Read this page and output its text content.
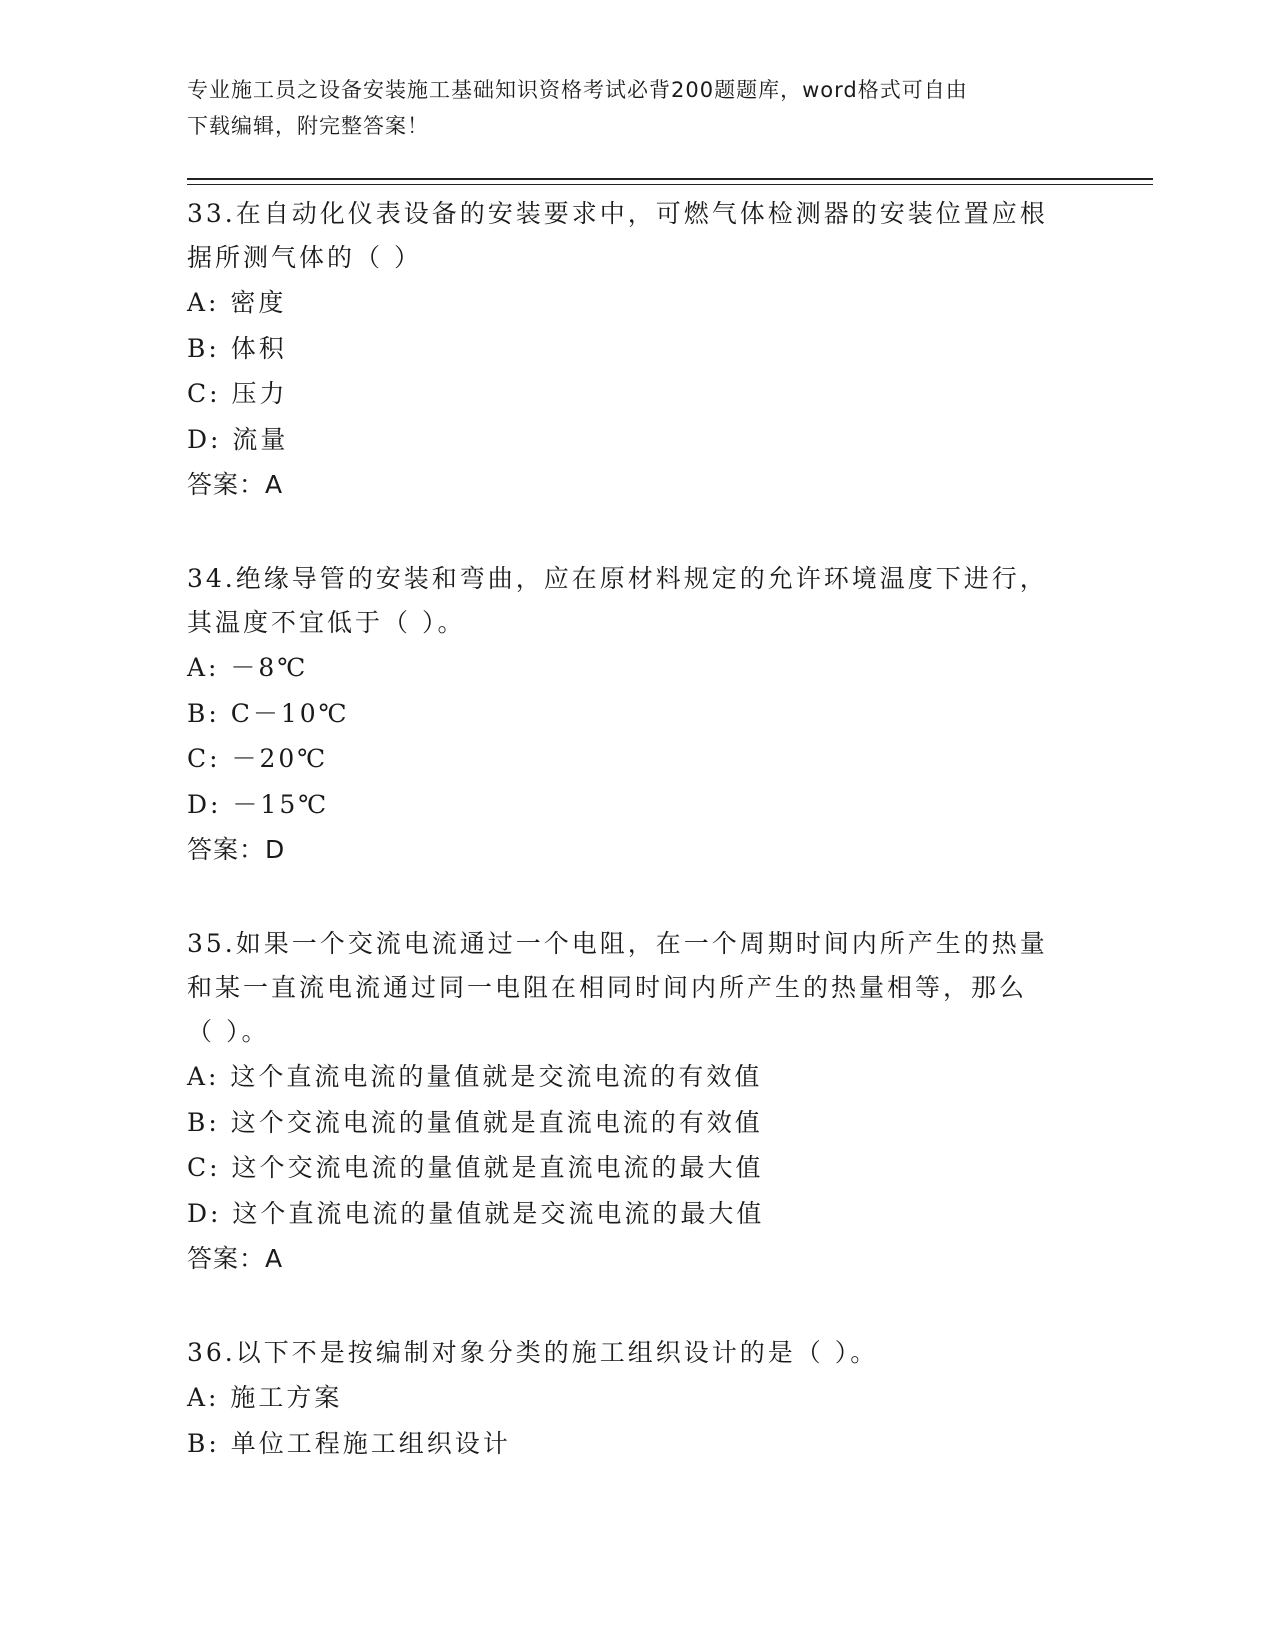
专业施工员之设备安装施工基础知识资格考试必背200题题库，word格式可自由
下载编辑，附完整答案！
33.在自动化仪表设备的安装要求中，可燃气体检测器的安装位置应根
据所测气体的（ ）
A: 密度
B: 体积
C: 压力
D: 流量
答案：A
34.绝缘导管的安装和弯曲，应在原材料规定的允许环境温度下进行，
其温度不宜低于（ ）。
A: －8℃
B: C－10℃
C: －20℃
D: －15℃
答案：D
35.如果一个交流电流通过一个电阻，在一个周期时间内所产生的热量
和某一直流电流通过同一电阻在相同时间内所产生的热量相等，那么
（ ）。
A: 这个直流电流的量值就是交流电流的有效值
B: 这个交流电流的量值就是直流电流的有效值
C: 这个交流电流的量值就是直流电流的最大值
D: 这个直流电流的量值就是交流电流的最大值
答案：A
36.以下不是按编制对象分类的施工组织设计的是（ ）。
A: 施工方案
B: 单位工程施工组织设计
